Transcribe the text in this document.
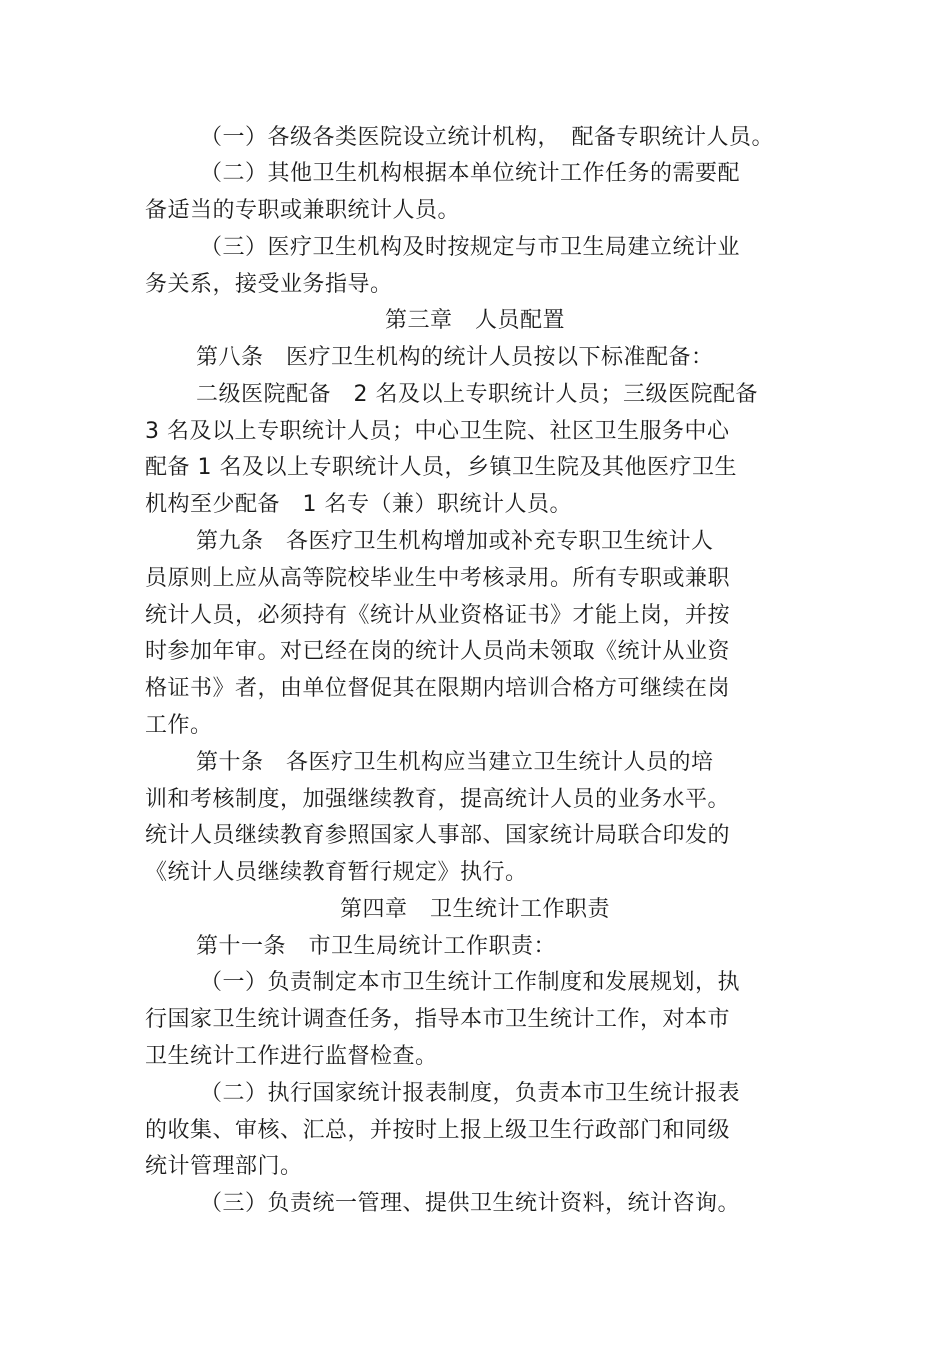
（一）各级各类医院设立统计机构，　配备专职统计人员。
（二）其他卫生机构根据本单位统计工作任务的需要配
备适当的专职或兼职统计人员。
（三）医疗卫生机构及时按规定与市卫生局建立统计业
务关系，接受业务指导。
第三章　人员配置
第八条　医疗卫生机构的统计人员按以下标准配备：
二级医院配备　2 名及以上专职统计人员；三级医院配备
3 名及以上专职统计人员；中心卫生院、社区卫生服务中心
配备 1 名及以上专职统计人员，乡镇卫生院及其他医疗卫生
机构至少配备　1 名专（兼）职统计人员。
第九条　各医疗卫生机构增加或补充专职卫生统计人
员原则上应从高等院校毕业生中考核录用。所有专职或兼职
统计人员，必须持有《统计从业资格证书》才能上岗，并按
时参加年审。对已经在岗的统计人员尚未领取《统计从业资
格证书》者，由单位督促其在限期内培训合格方可继续在岗
工作。
第十条　各医疗卫生机构应当建立卫生统计人员的培
训和考核制度，加强继续教育，提高统计人员的业务水平。
统计人员继续教育参照国家人事部、国家统计局联合印发的
《统计人员继续教育暂行规定》执行。
第四章　卫生统计工作职责
第十一条　市卫生局统计工作职责：
（一）负责制定本市卫生统计工作制度和发展规划，执
行国家卫生统计调查任务，指导本市卫生统计工作，对本市
卫生统计工作进行监督检查。
（二）执行国家统计报表制度，负责本市卫生统计报表
的收集、审核、汇总，并按时上报上级卫生行政部门和同级
统计管理部门。
（三）负责统一管理、提供卫生统计资料，统计咨询。
